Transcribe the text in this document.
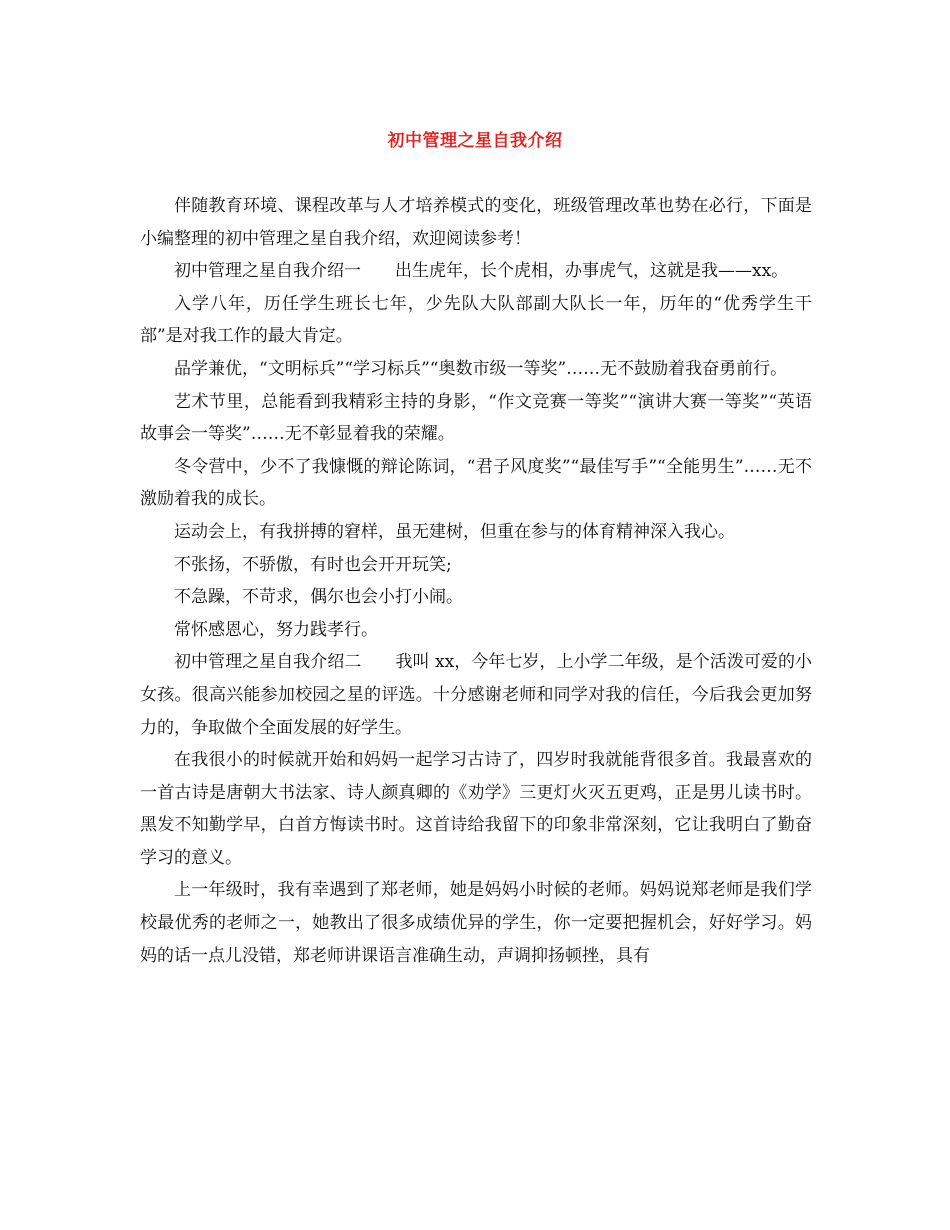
初中管理之星自我介绍

伴随教育环境、课程改革与人才培养模式的变化，班级管理改革也势在必行，下面是小编整理的初中管理之星自我介绍，欢迎阅读参考！

初中管理之星自我介绍一　　出生虎年，长个虎相，办事虎气，这就是我——xx。

入学八年，历任学生班长七年，少先队大队部副大队长一年，历年的“优秀学生干部”是对我工作的最大肯定。

品学兼优，“文明标兵”“学习标兵”“奥数市级一等奖”……无不鼓励着我奋勇前行。

艺术节里，总能看到我精彩主持的身影，“作文竞赛一等奖”“演讲大赛一等奖”“英语故事会一等奖”……无不彰显着我的荣耀。

冬令营中，少不了我慷慨的辩论陈词，“君子风度奖”“最佳写手”“全能男生”……无不激励着我的成长。

运动会上，有我拼搏的窘样，虽无建树，但重在参与的体育精神深入我心。

不张扬，不骄傲，有时也会开开玩笑;

不急躁，不苛求，偶尔也会小打小闹。

常怀感恩心，努力践孝行。

初中管理之星自我介绍二　　我叫 xx，今年七岁，上小学二年级，是个活泼可爱的小女孩。很高兴能参加校园之星的评选。十分感谢老师和同学对我的信任，今后我会更加努力的，争取做个全面发展的好学生。

在我很小的时候就开始和妈妈一起学习古诗了，四岁时我就能背很多首。我最喜欢的一首古诗是唐朝大书法家、诗人颜真卿的《劝学》三更灯火灭五更鸡，正是男儿读书时。黑发不知勤学早，白首方悔读书时。这首诗给我留下的印象非常深刻，它让我明白了勤奋学习的意义。

上一年级时，我有幸遇到了郑老师，她是妈妈小时候的老师。妈妈说郑老师是我们学校最优秀的老师之一，她教出了很多成绩优异的学生，你一定要把握机会，好好学习。妈妈的话一点儿没错，郑老师讲课语言准确生动，声调抑扬顿挫，具有
